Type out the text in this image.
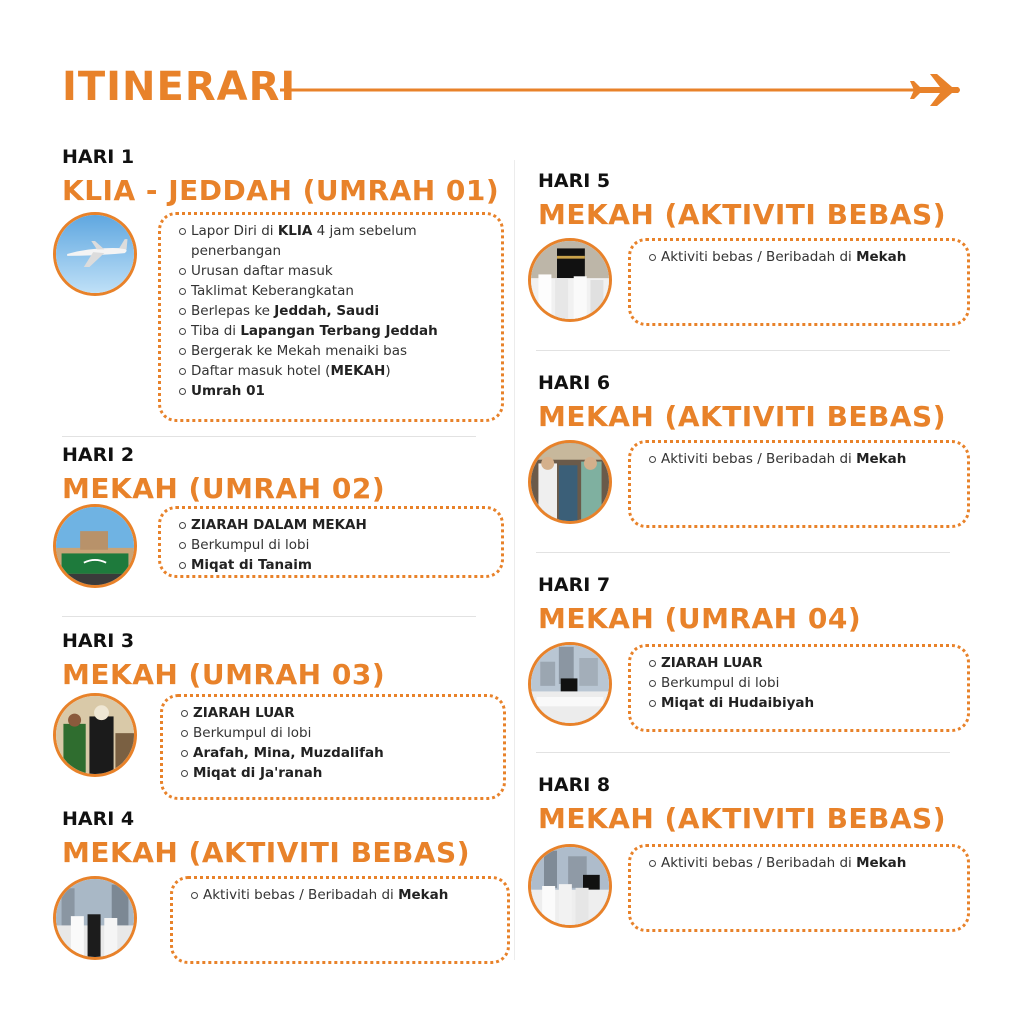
ITINERARI
HARI 1
KLIA - JEDDAH (UMRAH 01)
Lapor Diri di KLIA 4 jam sebelum penerbangan
Urusan daftar masuk
Taklimat Keberangkatan
Berlepas ke Jeddah, Saudi
Tiba di Lapangan Terbang Jeddah
Bergerak ke Mekah menaiki bas
Daftar masuk hotel (MEKAH)
Umrah 01
HARI 2
MEKAH (UMRAH 02)
ZIARAH DALAM MEKAH
Berkumpul di lobi
Miqat di Tanaim
HARI 3
MEKAH (UMRAH 03)
ZIARAH LUAR
Berkumpul di lobi
Arafah, Mina, Muzdalifah
Miqat di Ja'ranah
HARI 4
MEKAH (AKTIVITI BEBAS)
Aktiviti bebas / Beribadah di Mekah
HARI 5
MEKAH (AKTIVITI BEBAS)
Aktiviti bebas / Beribadah di Mekah
HARI 6
MEKAH (AKTIVITI BEBAS)
Aktiviti bebas / Beribadah di Mekah
HARI 7
MEKAH (UMRAH 04)
ZIARAH LUAR
Berkumpul di lobi
Miqat di Hudaibiyah
HARI 8
MEKAH (AKTIVITI BEBAS)
Aktiviti bebas / Beribadah di Mekah
